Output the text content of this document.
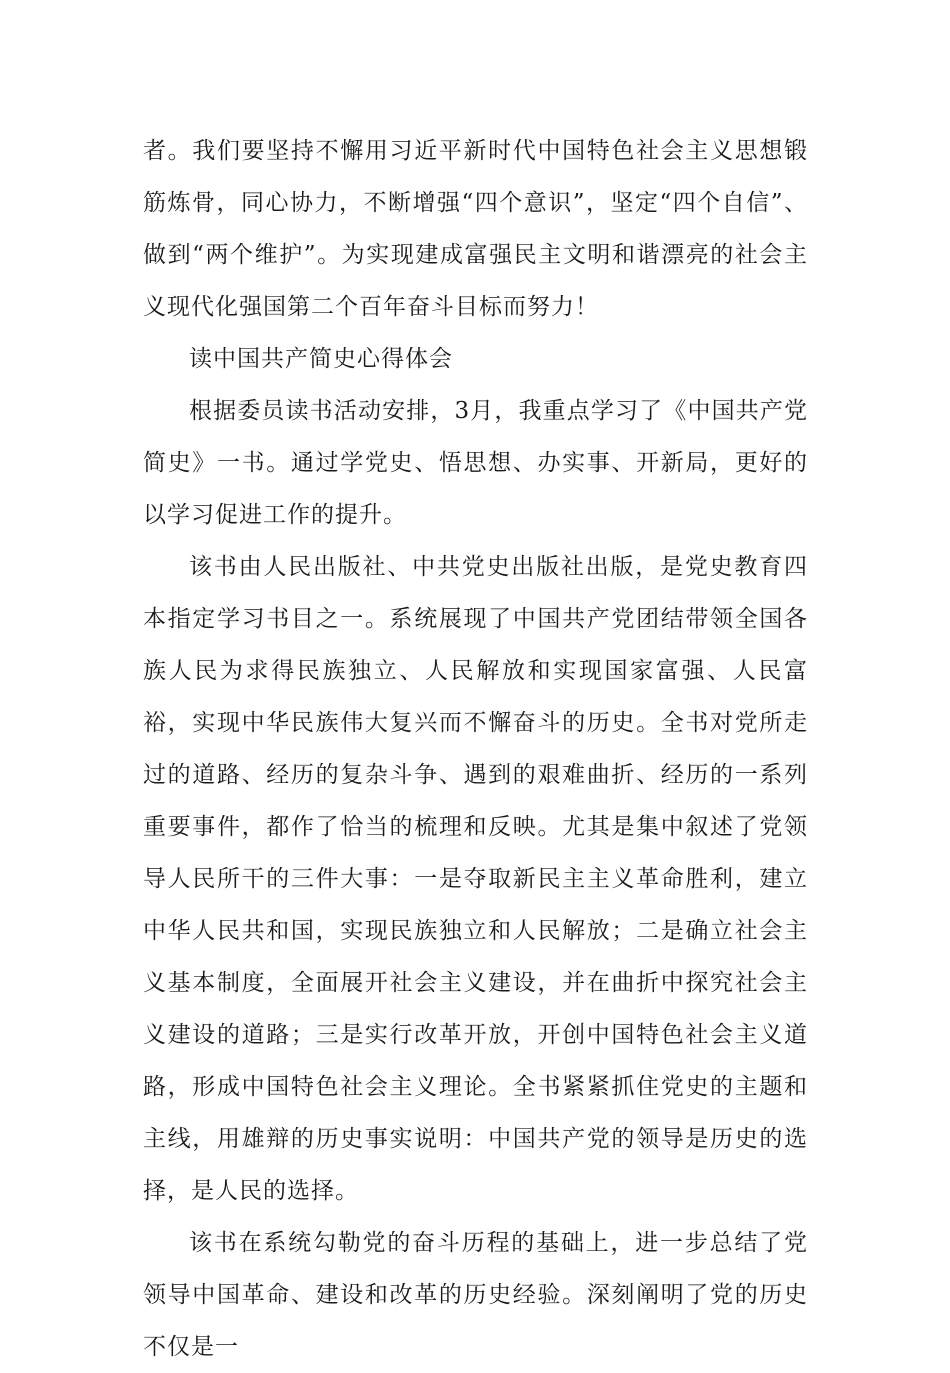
者。我们要坚持不懈用习近平新时代中国特色社会主义思想锻筋炼骨，同心协力，不断增强“四个意识”，坚定“四个自信”、做到“两个维护”。为实现建成富强民主文明和谐漂亮的社会主义现代化强国第二个百年奋斗目标而努力！

读中国共产简史心得体会

根据委员读书活动安排，3月，我重点学习了《中国共产党简史》一书。通过学党史、悟思想、办实事、开新局，更好的以学习促进工作的提升。

该书由人民出版社、中共党史出版社出版，是党史教育四本指定学习书目之一。系统展现了中国共产党团结带领全国各族人民为求得民族独立、人民解放和实现国家富强、人民富裕，实现中华民族伟大复兴而不懈奋斗的历史。全书对党所走过的道路、经历的复杂斗争、遇到的艰难曲折、经历的一系列重要事件，都作了恰当的梳理和反映。尤其是集中叙述了党领导人民所干的三件大事：一是夺取新民主主义革命胜利，建立中华人民共和国，实现民族独立和人民解放；二是确立社会主义基本制度，全面展开社会主义建设，并在曲折中探究社会主义建设的道路；三是实行改革开放，开创中国特色社会主义道路，形成中国特色社会主义理论。全书紧紧抓住党史的主题和主线，用雄辩的历史事实说明：中国共产党的领导是历史的选择，是人民的选择。

该书在系统勾勒党的奋斗历程的基础上，进一步总结了党领导中国革命、建设和改革的历史经验。深刻阐明了党的历史不仅是一
